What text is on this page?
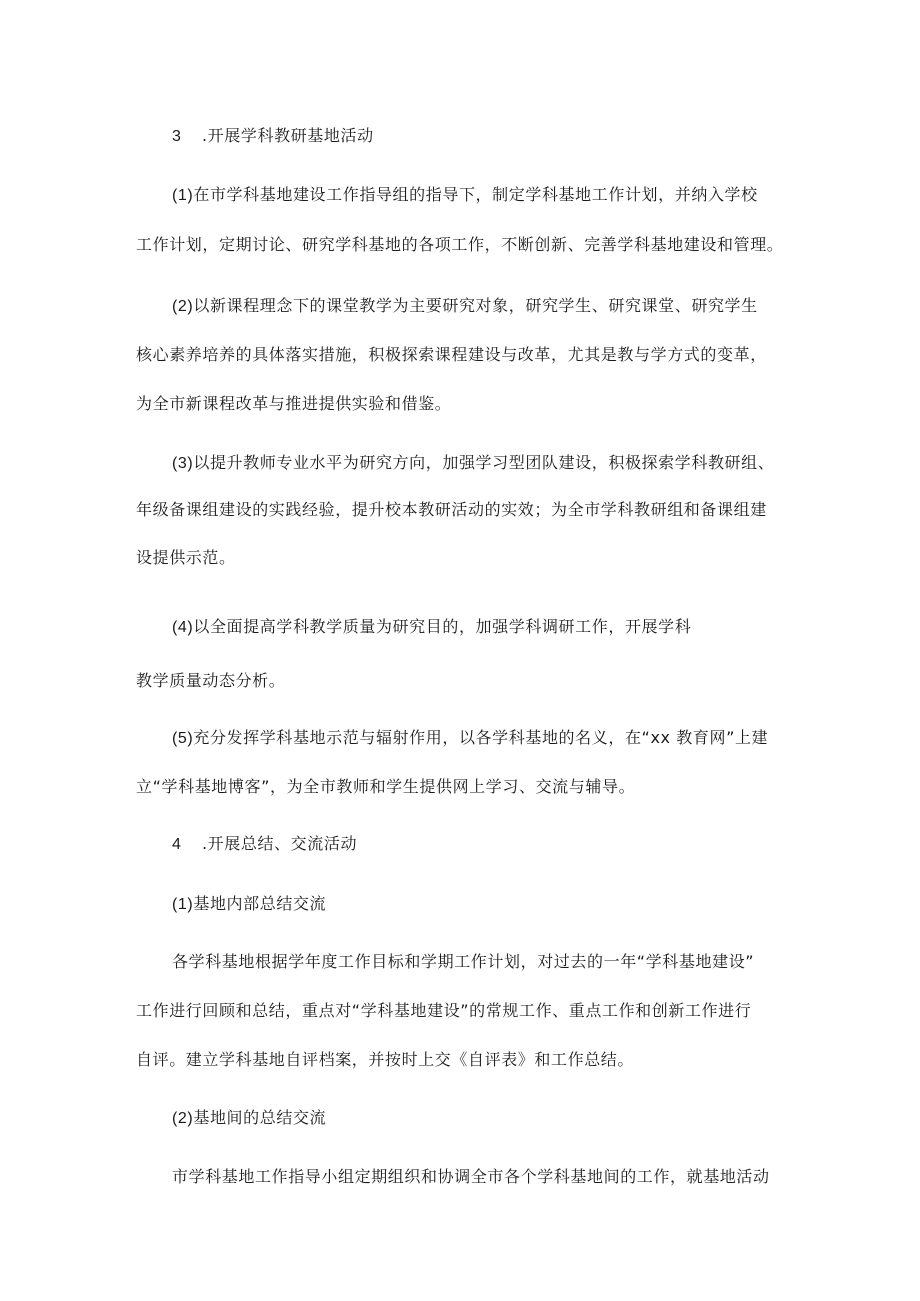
3 .开展学科教研基地活动
(1)在市学科基地建设工作指导组的指导下，制定学科基地工作计划，并纳入学校
工作计划，定期讨论、研究学科基地的各项工作，不断创新、完善学科基地建设和管理。
(2)以新课程理念下的课堂教学为主要研究对象，研究学生、研究课堂、研究学生
核心素养培养的具体落实措施，积极探索课程建设与改革，尤其是教与学方式的变革，
为全市新课程改革与推进提供实验和借鉴。
(3)以提升教师专业水平为研究方向，加强学习型团队建设，积极探索学科教研组、
年级备课组建设的实践经验，提升校本教研活动的实效；为全市学科教研组和备课组建
设提供示范。
(4)以全面提高学科教学质量为研究目的，加强学科调研工作，开展学科
教学质量动态分析。
(5)充分发挥学科基地示范与辐射作用，以各学科基地的名义，在“xx 教育网”上建
立“学科基地博客”，为全市教师和学生提供网上学习、交流与辅导。
4 .开展总结、交流活动
(1)基地内部总结交流
各学科基地根据学年度工作目标和学期工作计划，对过去的一年“学科基地建设”
工作进行回顾和总结，重点对“学科基地建设”的常规工作、重点工作和创新工作进行
自评。建立学科基地自评档案，并按时上交《自评表》和工作总结。
(2)基地间的总结交流
市学科基地工作指导小组定期组织和协调全市各个学科基地间的工作，就基地活动
